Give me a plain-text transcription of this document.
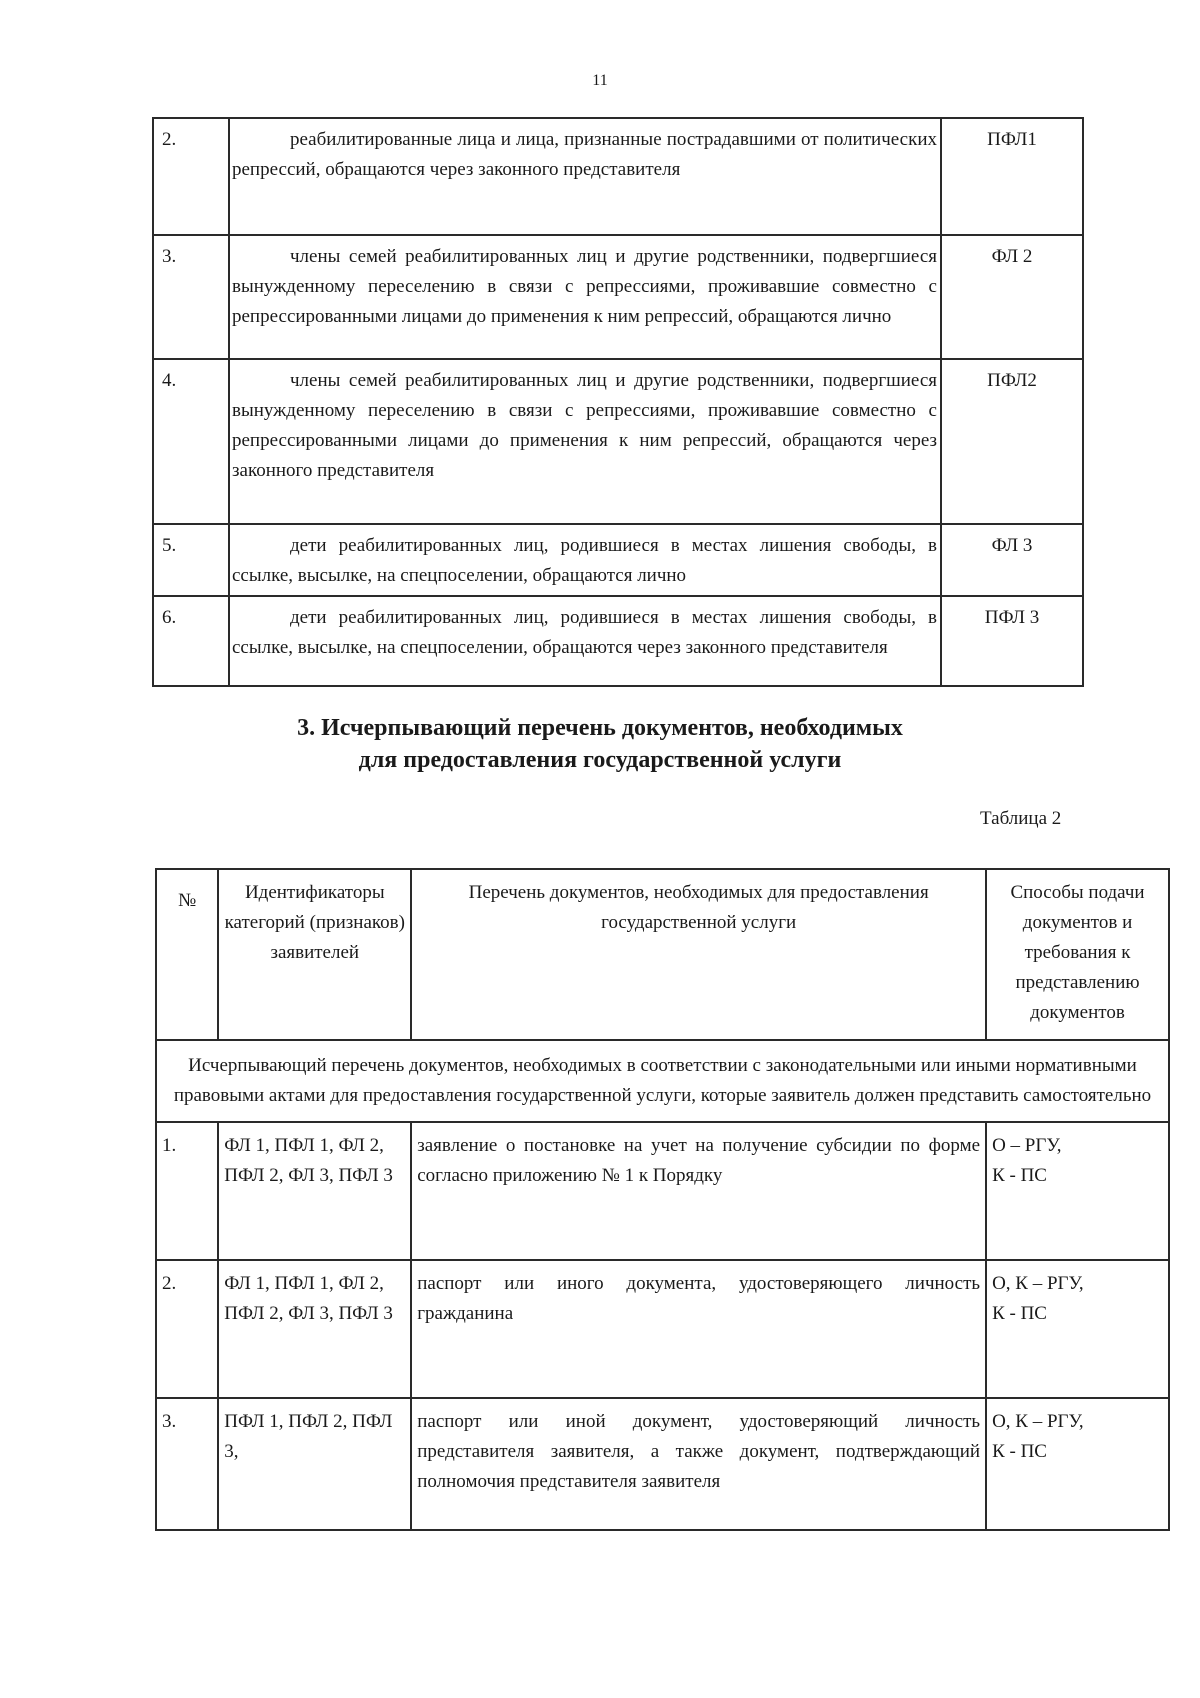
11
2.	реабилитированные лица и лица, признанные пострадавшими от политических репрессий, обращаются через законного представителя	ПФЛ1
3.	члены семей реабилитированных лиц и другие родственники, подвергшиеся вынужденному переселению в связи с репрессиями, проживавшие совместно с репрессированными лицами до применения к ним репрессий, обращаются лично	ФЛ 2
4.	члены семей реабилитированных лиц и другие родственники, подвергшиеся вынужденному переселению в связи с репрессиями, проживавшие совместно с репрессированными лицами до применения к ним репрессий, обращаются через законного представителя	ПФЛ2
5.	дети реабилитированных лиц, родившиеся в местах лишения свободы, в ссылке, высылке, на спецпоселении, обращаются лично	ФЛ 3
6.	дети реабилитированных лиц, родившиеся в местах лишения свободы, в ссылке, высылке, на спецпоселении, обращаются через законного представителя	ПФЛ 3
3. Исчерпывающий перечень документов, необходимых
для предоставления государственной услуги
Таблица 2
№	Идентификаторы категорий (признаков) заявителей	Перечень документов, необходимых для предоставления государственной услуги	Способы подачи документов и требования к представлению документов
Исчерпывающий перечень документов, необходимых в соответствии с законодательными или иными нормативными правовыми актами для предоставления государственной услуги, которые заявитель должен представить самостоятельно			
1.	ФЛ 1, ПФЛ 1, ФЛ 2, ПФЛ 2, ФЛ 3, ПФЛ 3	заявление о постановке на учет на получение субсидии по форме согласно приложению № 1 к Порядку	О – РГУ,
К - ПС

2.	ФЛ 1, ПФЛ 1, ФЛ 2, ПФЛ 2, ФЛ 3, ПФЛ 3	паспорт или иного документа, удостоверяющего личность гражданина	О, К – РГУ,
К - ПС

3.	ПФЛ 1, ПФЛ 2, ПФЛ 3,	паспорт или иной документ, удостоверяющий личность представителя заявителя, а также документ, подтверждающий полномочия представителя заявителя	О, К – РГУ,
К - ПС
